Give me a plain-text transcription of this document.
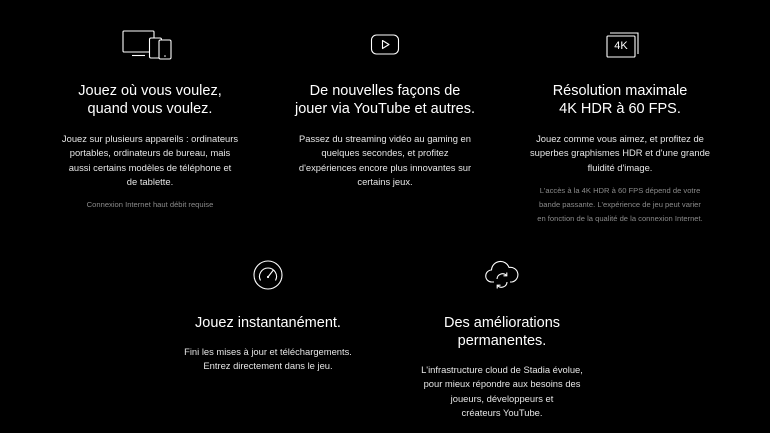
Jouez où vous voulez,
quand vous voulez.

Jouez sur plusieurs appareils : ordinateurs
portables, ordinateurs de bureau, mais
aussi certains modèles de téléphone et
de tablette.

Connexion Internet haut débit requise

De nouvelles façons de
jouer via YouTube et autres.

Passez du streaming vidéo au gaming en
quelques secondes, et profitez
d'expériences encore plus innovantes sur
certains jeux.

4K

Résolution maximale
4K HDR à 60 FPS.

Jouez comme vous aimez, et profitez de
superbes graphismes HDR et d'une grande
fluidité d'image.

L'accès à la 4K HDR à 60 FPS dépend de votre
bande passante. L'expérience de jeu peut varier
en fonction de la qualité de la connexion Internet.

Jouez instantanément.

Fini les mises à jour et téléchargements.
Entrez directement dans le jeu.

Des améliorations
permanentes.

L'infrastructure cloud de Stadia évolue,
pour mieux répondre aux besoins des
joueurs, développeurs et
créateurs YouTube.
